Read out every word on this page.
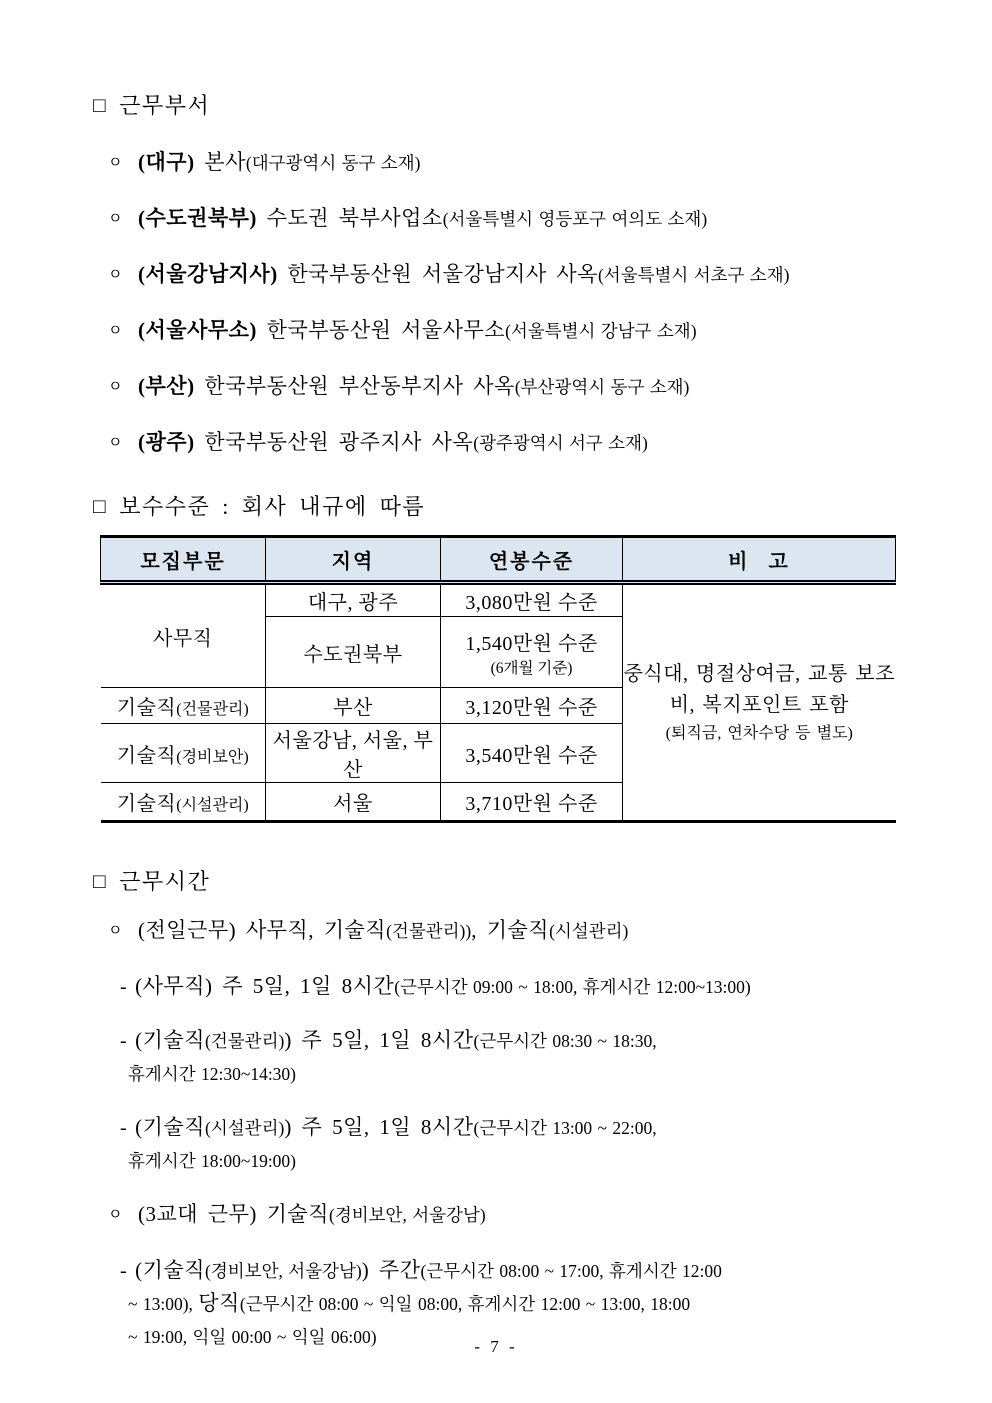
□ 근무부서
ㅇ (대구) 본사(대구광역시 동구 소재)
ㅇ (수도권북부) 수도권 북부사업소(서울특별시 영등포구 여의도 소재)
ㅇ (서울강남지사) 한국부동산원 서울강남지사 사옥(서울특별시 서초구 소재)
ㅇ (서울사무소) 한국부동산원 서울사무소(서울특별시 강남구 소재)
ㅇ (부산) 한국부동산원 부산동부지사 사옥(부산광역시 동구 소재)
ㅇ (광주) 한국부동산원 광주지사 사옥(광주광역시 서구 소재)
□ 보수수준 : 회사 내규에 따름
모집부문	지역	연봉수준	비 고
사무직	대구, 광주	3,080만원 수준	중식대, 명절상여금, 교통 보조비, 복지포인트 포함
(퇴직금, 연차수당 등 별도)

	수도권북부	1,540만원 수준
(6개월 기준)	

기술직(건물관리)	부산	3,120만원 수준	
기술직(경비보안)	서울강남, 서울, 부산	3,540만원 수준	
기술직(시설관리)	서울	3,710만원 수준	
□ 근무시간
ㅇ (전일근무) 사무직, 기술직(건물관리)), 기술직(시설관리)
- (사무직) 주 5일, 1일 8시간(근무시간 09:00 ~ 18:00, 휴게시간 12:00~13:00)
- (기술직(건물관리)) 주 5일, 1일 8시간(근무시간 08:30 ~ 18:30,
휴게시간 12:30~14:30)
- (기술직(시설관리)) 주 5일, 1일 8시간(근무시간 13:00 ~ 22:00,
휴게시간 18:00~19:00)
ㅇ (3교대 근무) 기술직(경비보안, 서울강남)
- (기술직(경비보안, 서울강남)) 주간(근무시간 08:00 ~ 17:00, 휴게시간 12:00
~ 13:00), 당직(근무시간 08:00 ~ 익일 08:00, 휴게시간 12:00 ~ 13:00, 18:00
~ 19:00, 익일 00:00 ~ 익일 06:00)	- 7 -
